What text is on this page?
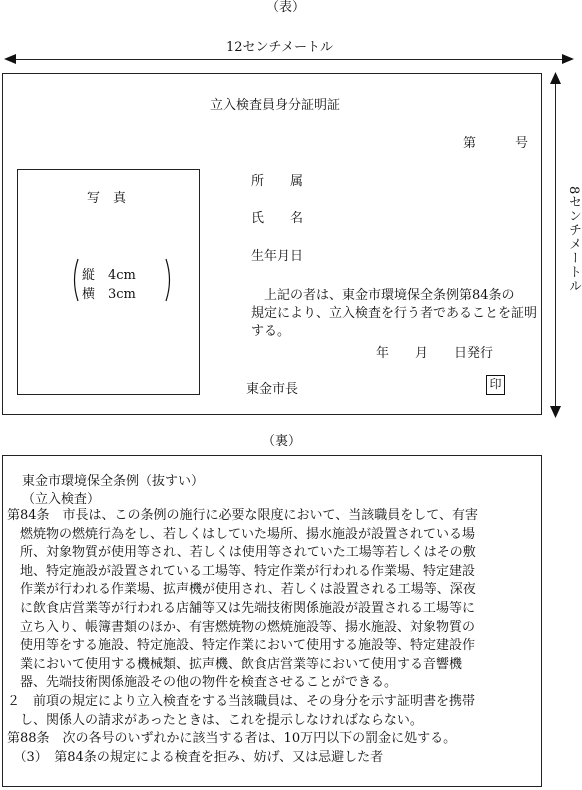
（表）
12センチメートル
8センチメートル
立入検査員身分証明証
第　　　号
写　真
縦　4cm
横　3cm
所　　属
氏　　名
生年月日
　上記の者は、東金市環境保全条例第84条の
規定により、立入検査を行う者であることを証明
する。
年　　月　　日発行
東金市長	印
（裏）
東金市環境保全条例（抜すい）
（立入検査）
第84条　市長は、この条例の施行に必要な限度において、当該職員をして、有害
　燃焼物の燃焼行為をし、若しくはしていた場所、揚水施設が設置されている場
　所、対象物質が使用等され、若しくは使用等されていた工場等若しくはその敷
　地、特定施設が設置されている工場等、特定作業が行われる作業場、特定建設
　作業が行われる作業場、拡声機が使用され、若しくは設置される工場等、深夜
　に飲食店営業等が行われる店舗等又は先端技術関係施設が設置される工場等に
　立ち入り、帳簿書類のほか、有害燃焼物の燃焼施設等、揚水施設、対象物質の
　使用等をする施設、特定施設、特定作業において使用する施設等、特定建設作
　業において使用する機械類、拡声機、飲食店営業等において使用する音響機
　器、先端技術関係施設その他の物件を検査させることができる。
２　前項の規定により立入検査をする当該職員は、その身分を示す証明書を携帯
　し、関係人の請求があったときは、これを提示しなければならない。
第88条　次の各号のいずれかに該当する者は、10万円以下の罰金に処する。
　（3）　第84条の規定による検査を拒み、妨げ、又は忌避した者
